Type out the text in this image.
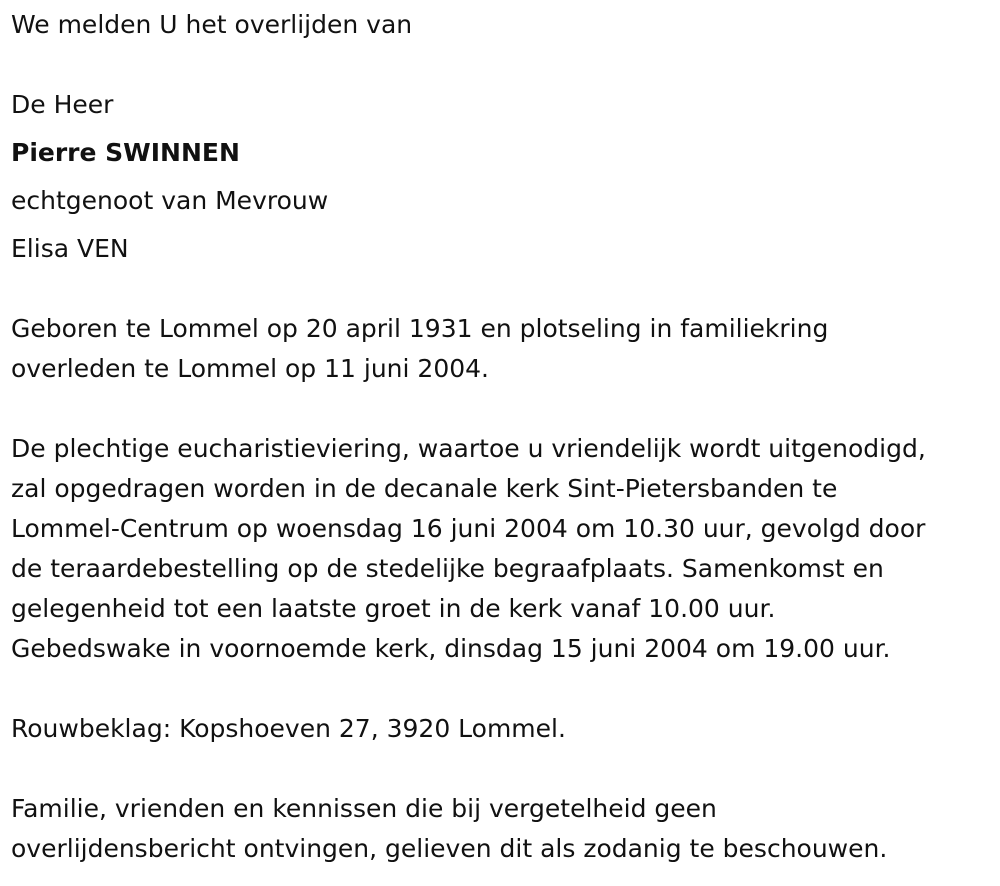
We melden U het overlijden van
De Heer
Pierre SWINNEN
echtgenoot van Mevrouw
Elisa VEN
Geboren te Lommel op 20 april 1931 en plotseling in familiekring
overleden te Lommel op 11 juni 2004.
De plechtige eucharistieviering, waartoe u vriendelijk wordt uitgenodigd,
zal opgedragen worden in de decanale kerk Sint-Pietersbanden te
Lommel-Centrum op woensdag 16 juni 2004 om 10.30 uur, gevolgd door
de teraardebestelling op de stedelijke begraafplaats. Samenkomst en
gelegenheid tot een laatste groet in de kerk vanaf 10.00 uur.
Gebedswake in voornoemde kerk, dinsdag 15 juni 2004 om 19.00 uur.
Rouwbeklag: Kopshoeven 27, 3920 Lommel.
Familie, vrienden en kennissen die bij vergetelheid geen
overlijdensbericht ontvingen, gelieven dit als zodanig te beschouwen.
